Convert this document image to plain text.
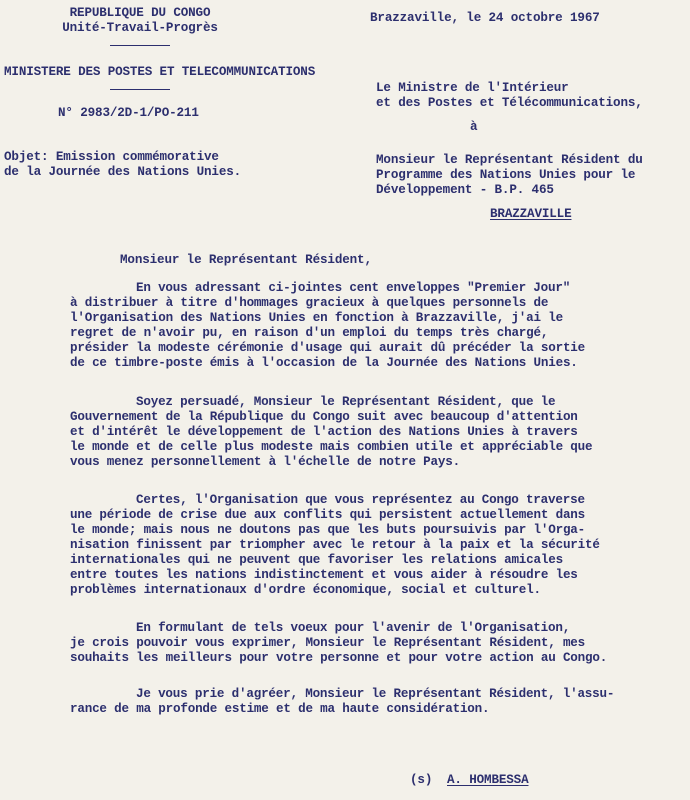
REPUBLIQUE DU CONGO
Unité-Travail-Progrès
MINISTERE DES POSTES ET TELECOMMUNICATIONS
N° 2983/2D-1/PO-211
Brazzaville, le 24 octobre 1967
Le Ministre de l'Intérieur
et des Postes et Télécommunications,
à
Monsieur le Représentant Résident du
Programme des Nations Unies pour le
Développement - B.P. 465
BRAZZAVILLE
Objet: Emission commémorative
de la Journée des Nations Unies.
Monsieur le Représentant Résident,
En vous adressant ci-jointes cent enveloppes "Premier Jour"
à distribuer à titre d'hommages gracieux à quelques personnels de
l'Organisation des Nations Unies en fonction à Brazzaville, j'ai le
regret de n'avoir pu, en raison d'un emploi du temps très chargé,
présider la modeste cérémonie d'usage qui aurait dû précéder la sortie
de ce timbre-poste émis à l'occasion de la Journée des Nations Unies.
Soyez persuadé, Monsieur le Représentant Résident, que le
Gouvernement de la République du Congo suit avec beaucoup d'attention
et d'intérêt le développement de l'action des Nations Unies à travers
le monde et de celle plus modeste mais combien utile et appréciable que
vous menez personnellement à l'échelle de notre Pays.
Certes, l'Organisation que vous représentez au Congo traverse
une période de crise due aux conflits qui persistent actuellement dans
le monde; mais nous ne doutons pas que les buts poursuivis par l'Orga-
nisation finissent par triompher avec le retour à la paix et la sécurité
internationales qui ne peuvent que favoriser les relations amicales
entre toutes les nations indistinctement et vous aider à résoudre les
problèmes internationaux d'ordre économique, social et culturel.
En formulant de tels voeux pour l'avenir de l'Organisation,
je crois pouvoir vous exprimer, Monsieur le Représentant Résident, mes
souhaits les meilleurs pour votre personne et pour votre action au Congo.
Je vous prie d'agréer, Monsieur le Représentant Résident, l'assu-
rance de ma profonde estime et de ma haute considération.
(s) A. HOMBESSA
